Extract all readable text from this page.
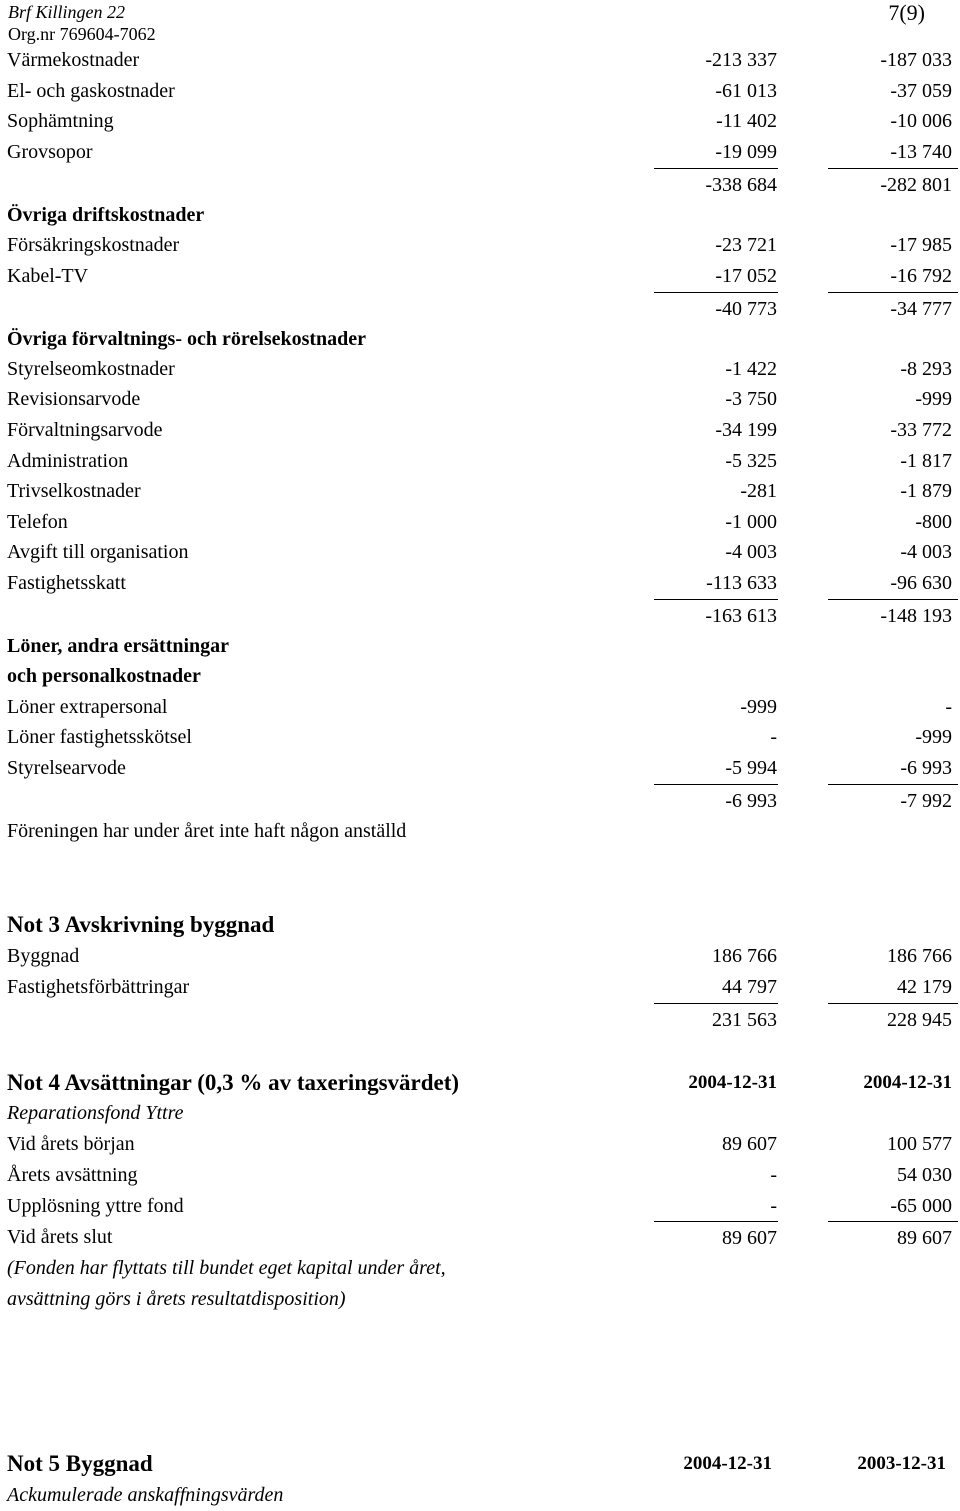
Brf Killingen 22
Org.nr 769604-7062
7(9)
Värmekostnader	-213 337	-187 033
El- och gaskostnader	-61 013	-37 059
Sophämtning	-11 402	-10 006
Grovsopor	-19 099	-13 740
-338 684	-282 801
Övriga driftskostnader
Försäkringskostnader	-23 721	-17 985
Kabel-TV	-17 052	-16 792
-40 773	-34 777
Övriga förvaltnings- och rörelsekostnader
Styrelseomkostnader	-1 422	-8 293
Revisionsarvode	-3 750	-999
Förvaltningsarvode	-34 199	-33 772
Administration	-5 325	-1 817
Trivselkostnader	-281	-1 879
Telefon	-1 000	-800
Avgift till organisation	-4 003	-4 003
Fastighetsskatt	-113 633	-96 630
-163 613	-148 193
Löner, andra ersättningar
och personalkostnader
Löner extrapersonal	-999	-
Löner fastighetsskötsel	-	-999
Styrelsearvode	-5 994	-6 993
-6 993	-7 992
Föreningen har under året inte haft någon anställd
Not 3 Avskrivning byggnad
Byggnad	186 766	186 766
Fastighetsförbättringar	44 797	42 179
231 563	228 945
Not 4 Avsättningar (0,3 % av taxeringsvärdet)	2004-12-31	2004-12-31
Reparationsfond Yttre
Vid årets början	89 607	100 577
Årets avsättning	-	54 030
Upplösning yttre fond	-	-65 000
Vid årets slut	89 607	89 607
(Fonden har flyttats till bundet eget kapital under året,
avsättning görs i årets resultatdisposition)
Not 5 Byggnad	2004-12-31	2003-12-31
Ackumulerade anskaffningsvärden
